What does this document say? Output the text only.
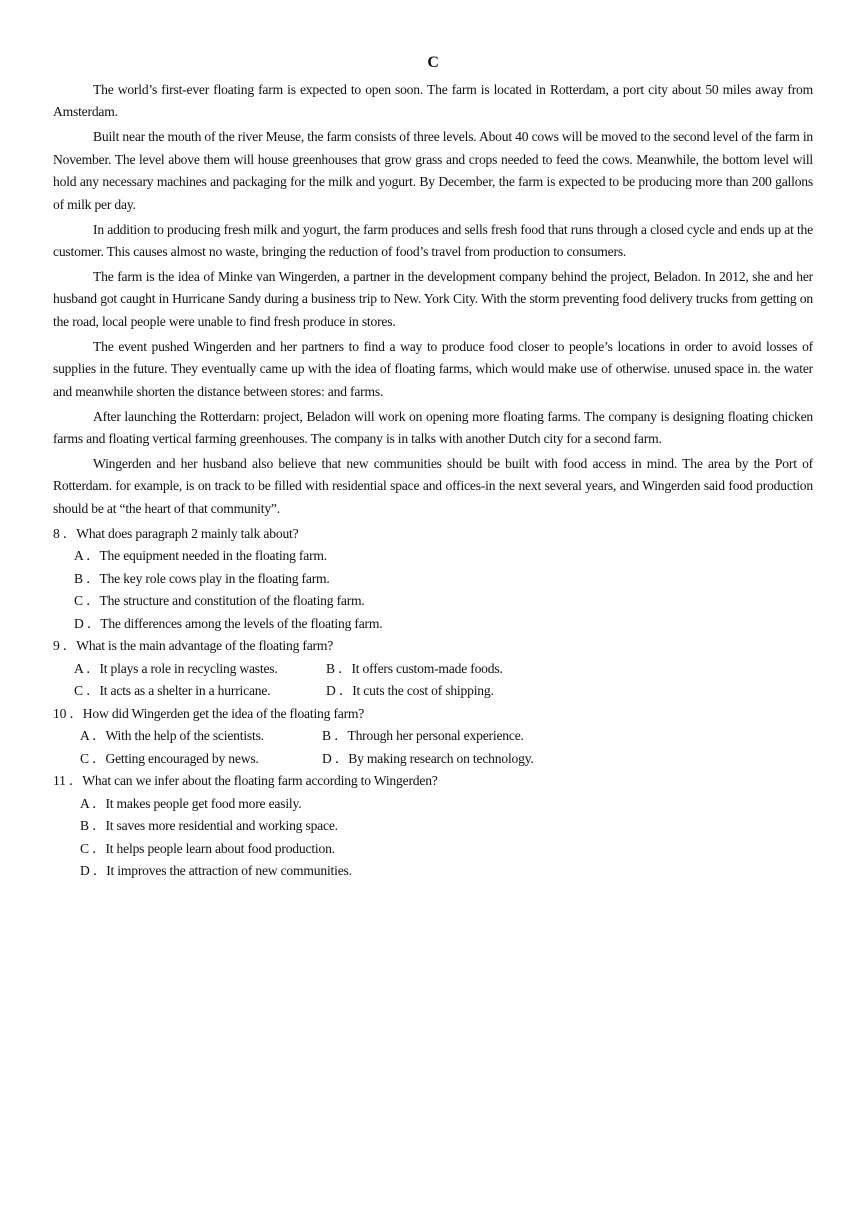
C

The world’s first-ever floating farm is expected to open soon. The farm is located in Rotterdam, a port city about 50 miles away from Amsterdam.

Built near the mouth of the river Meuse, the farm consists of three levels. About 40 cows will be moved to the second level of the farm in November. The level above them will house greenhouses that grow grass and crops needed to feed the cows. Meanwhile, the bottom level will hold any necessary machines and packaging for the milk and yogurt. By December, the farm is expected to be producing more than 200 gallons of milk per day.

In addition to producing fresh milk and yogurt, the farm produces and sells fresh food that runs through a closed cycle and ends up at the customer. This causes almost no waste, bringing the reduction of food’s travel from production to consumers.

The farm is the idea of Minke van Wingerden, a partner in the development company behind the project, Beladon. In 2012, she and her husband got caught in Hurricane Sandy during a business trip to New. York City. With the storm preventing food delivery trucks from getting on the road, local people were unable to find fresh produce in stores.

The event pushed Wingerden and her partners to find a way to produce food closer to people’s locations in order to avoid losses of supplies in the future. They eventually came up with the idea of floating farms, which would make use of otherwise. unused space in. the water and meanwhile shorten the distance between stores: and farms.

After launching the Rotterdarn: project, Beladon will work on opening more floating farms. The company is designing floating chicken farms and floating vertical farming greenhouses. The company is in talks with another Dutch city for a second farm.

Wingerden and her husband also believe that new communities should be built with food access in mind. The area by the Port of Rotterdam. for example, is on track to be filled with residential space and offices-in the next several years, and Wingerden said food production should be at “the heart of that community”.

8 ．What does paragraph 2 mainly talk about?
A ．The equipment needed in the floating farm.
B ．The key role cows play in the floating farm.
C ．The structure and constitution of the floating farm.
D ．The differences among the levels of the floating farm.
9 ．What is the main advantage of the floating farm?
A ．It plays a role in recycling wastes.	B ．It offers custom-made foods.
C ．It acts as a shelter in a hurricane.	D ．It cuts the cost of shipping.
10 ．How did Wingerden get the idea of the floating farm?
A ．With the help of the scientists.	B ．Through her personal experience.
C ．Getting encouraged by news.	D ．By making research on technology.
11 ．What can we infer about the floating farm according to Wingerden?
A ．It makes people get food more easily.
B ．It saves more residential and working space.
C ．It helps people learn about food production.
D ．It improves the attraction of new communities.
